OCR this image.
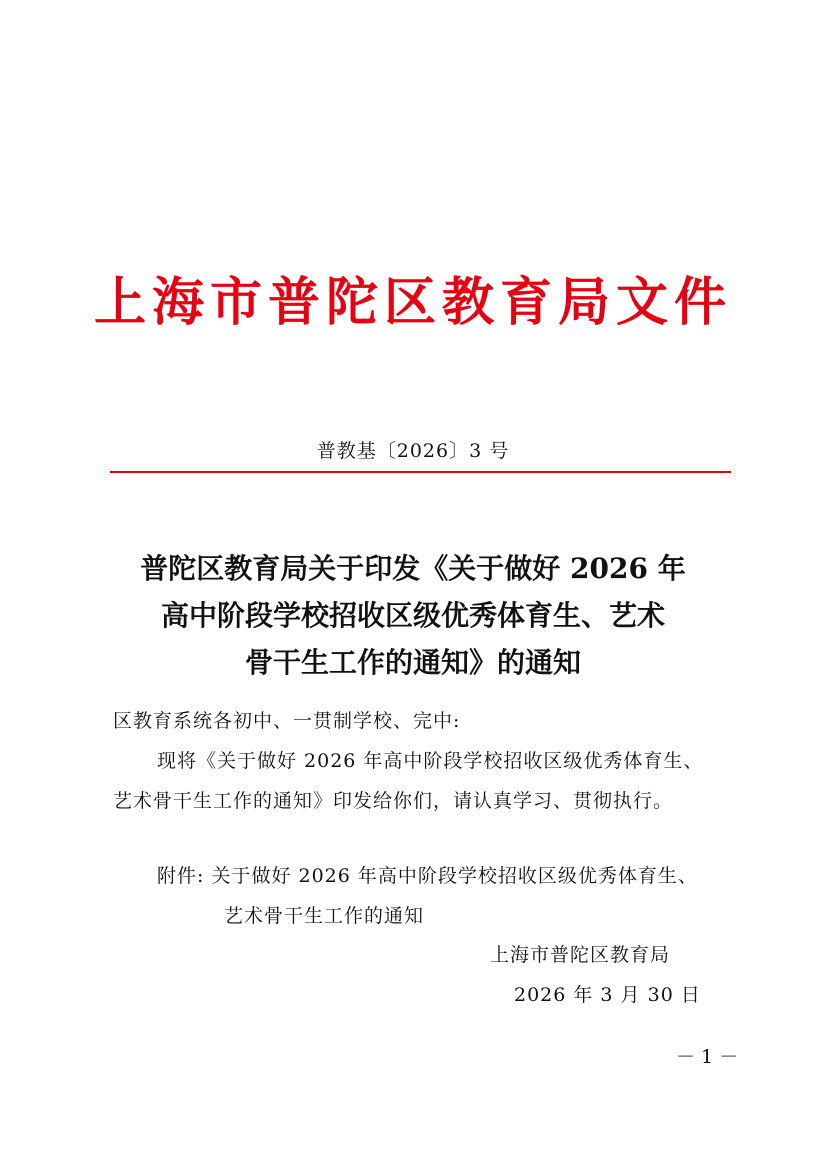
上海市普陀区教育局文件
普教基〔2026〕3 号
普陀区教育局关于印发《关于做好 2026 年
高中阶段学校招收区级优秀体育生、艺术
骨干生工作的通知》的通知
区教育系统各初中、一贯制学校、完中:
现将《关于做好 2026 年高中阶段学校招收区级优秀体育生、
艺术骨干生工作的通知》印发给你们，请认真学习、贯彻执行。
附件: 关于做好 2026 年高中阶段学校招收区级优秀体育生、
艺术骨干生工作的通知
上海市普陀区教育局
2026 年 3 月 30 日
－ 1 －
